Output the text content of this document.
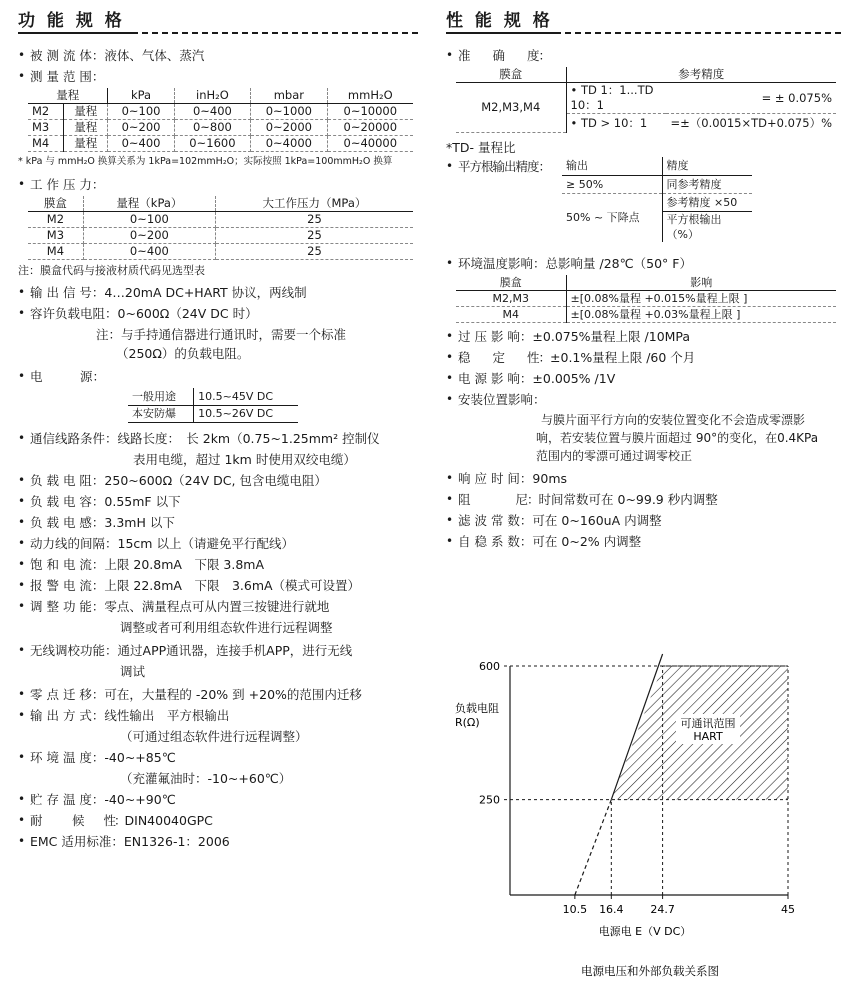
功 能 规 格
• 被 测 流 体： 液体、气体、蒸汽
• 测 量 范 围：
量程		kPa	inH₂O	mbar	mmH₂O
M2	量程	0~100	0~400	0~1000	0~10000
M3	量程	0~200	0~800	0~2000	0~20000
M4	量程	0~400	0~1600	0~4000	0~40000
* kPa 与 mmH₂O 换算关系为 1kPa=102mmH₂O；实际按照 1kPa=100mmH₂O 换算
• 工 作 压 力：
膜盒	量程（kPa）	大工作压力（MPa）
M2	0~100	25
M3	0~200	25
M4	0~400	25
注：膜盒代码与接液材质代码见选型表
• 输 出 信 号： 4…20mA DC+HART 协议，两线制
• 容许负载电阻： 0~600Ω（24V DC 时）
注：与手持通信器进行通讯时，需要一个标准
（250Ω）的负载电阻。
• 电　　　源：
一般用途	10.5~45V DC
本安防爆	10.5~26V DC
• 通信线路条件： 线路长度：　长 2km（0.75~1.25mm² 控制仪
表用电缆，超过 1km 时使用双绞电缆）
• 负 载 电 阻： 250~600Ω（24V DC, 包含电缆电阻）
• 负 载 电 容： 0.55mF 以下
• 负 载 电 感： 3.3mH 以下
• 动力线的间隔： 15cm 以上（请避免平行配线）
• 饱 和 电 流： 上限 20.8mA　下限 3.8mA
• 报 警 电 流： 上限 22.8mA　下限　3.6mA（模式可设置）
• 调 整 功 能： 零点、满量程点可从内置三按键进行就地
调整或者可利用组态软件进行远程调整
• 无线调校功能： 通过APP通讯器，连接手机APP，进行无线
调试
• 零 点 迁 移： 可在，大量程的 -20% 到 +20%的范围内迁移
• 输 出 方 式： 线性输出　平方根输出
（可通过组态软件进行远程调整）
• 环 境 温 度： -40~+85℃
（充灌氟油时：-10~+60℃）
• 贮 存 温 度： -40~+90℃
• 耐　　　候　　性： DIN40040GPC
• EMC 适用标准： EN1326-1：2006
性 能 规 格
• 准　　确　　度：
膜盒	参考精度	
M2,M3,M4	• TD 1：1...TD 10：1	= ± 0.075%
	• TD > 10：1	=±（0.0015×TD+0.075）%
*TD- 量程比
• 平方根输出精度： 输出	精度
≥ 50%	同参考精度
50% ~ 下降点	参考精度 ×50
	平方根输出（%）
• 环境温度影响： 总影响量 /28℃（50° F）
膜盒	影响
M2,M3	±[0.08%量程 +0.015%量程上限 ]
M4	±[0.08%量程 +0.03%量程上限 ]
• 过 压 影 响： ±0.075%量程上限 /10MPa
• 稳　　定　　性： ±0.1%量程上限 /60 个月
• 电 源 影 响： ±0.005% /1V
• 安装位置影响：
与膜片面平行方向的安装位置变化不会造成零漂影
响，若安装位置与膜片面超过 90°的变化，在0.4KPa
范围内的零漂可通过调零校正
• 响 应 时 间： 90ms
• 阻　　　　尼： 时间常数可在 0~99.9 秒内调整
• 滤 波 常 数： 可在 0~160uA 内调整
• 自 稳 系 数： 可在 0~2% 内调整
250
600
10.5 16.4 24.7	45
可通讯范围
HART
负载电阻
R(Ω)
电源电 E（V DC）
电源电压和外部负载关系图
